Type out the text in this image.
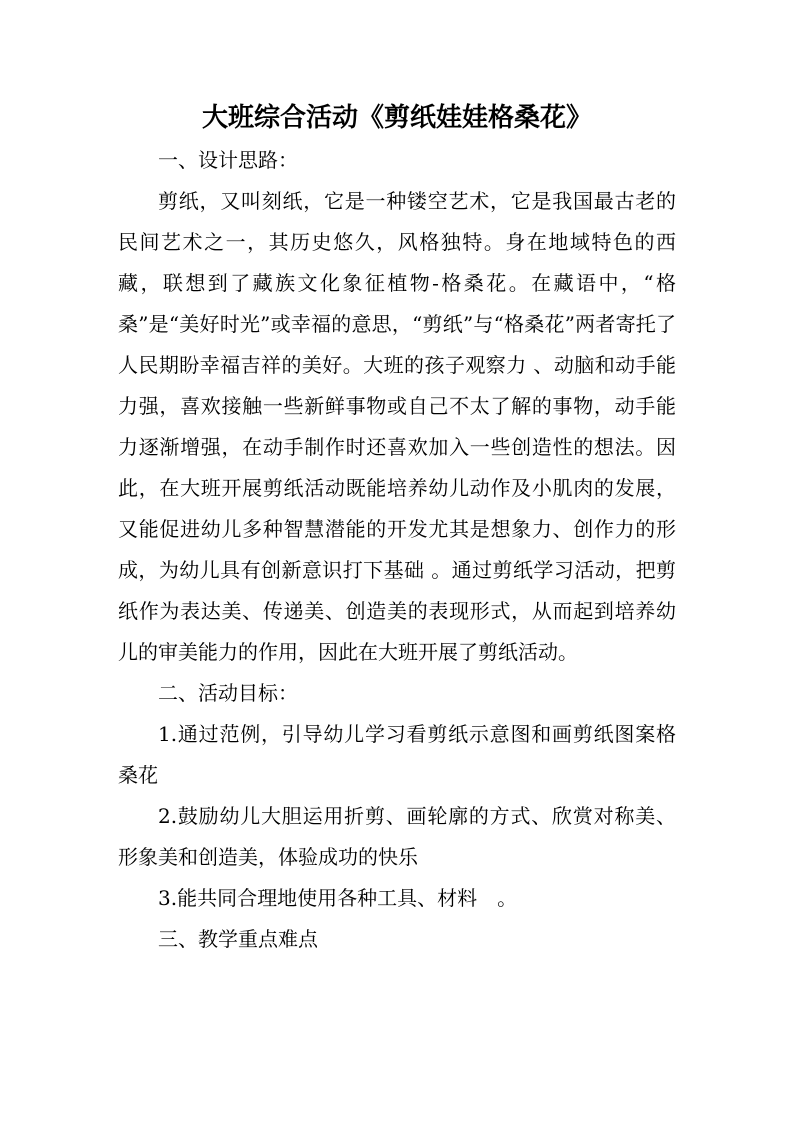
大班综合活动《剪纸娃娃格桑花》

一、设计思路：

剪纸，又叫刻纸，它是一种镂空艺术，它是我国最古老的民间艺术之一，其历史悠久，风格独特。身在地域特色的西藏，联想到了藏族文化象征植物-格桑花。在藏语中，“格桑”是“美好时光”或幸福的意思，“剪纸”与“格桑花”两者寄托了人民期盼幸福吉祥的美好。大班的孩子观察力 、动脑和动手能力强，喜欢接触一些新鲜事物或自己不太了解的事物，动手能力逐渐增强，在动手制作时还喜欢加入一些创造性的想法。因此，在大班开展剪纸活动既能培养幼儿动作及小肌肉的发展，又能促进幼儿多种智慧潜能的开发尤其是想象力、创作力的形成，为幼儿具有创新意识打下基础 。通过剪纸学习活动，把剪纸作为表达美、传递美、创造美的表现形式，从而起到培养幼儿的审美能力的作用，因此在大班开展了剪纸活动。

二、活动目标：

1.通过范例，引导幼儿学习看剪纸示意图和画剪纸图案格桑花

2.鼓励幼儿大胆运用折剪、画轮廓的方式、欣赏对称美、形象美和创造美，体验成功的快乐

3.能共同合理地使用各种工具、材料　。

三、教学重点难点
